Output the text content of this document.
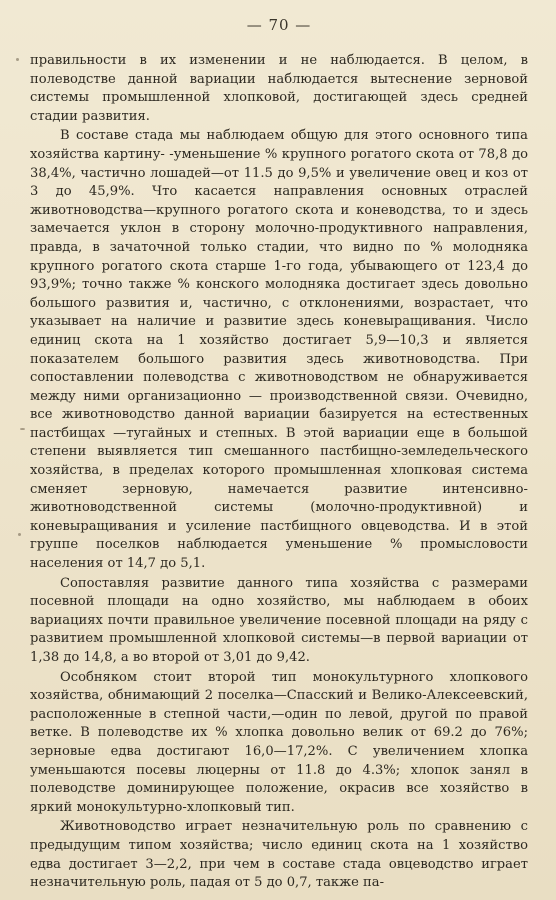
— 70 —

правильности в их изменении и не наблюдается. В целом, в полеводстве данной вариации наблюдается вытеснение зерновой системы промышленной хлопковой, достигающей здесь средней стадии развития.

В составе стада мы наблюдаем общую для этого основного типа хозяйства картину- -уменьшение % крупного рогатого скота от 78,8 до 38,4%, частично лошадей—от 11.5 до 9,5% и увеличение овец и коз от 3 до 45,9%. Что касается направления основных отраслей животноводства—крупного рогатого скота и коневодства, то и здесь замечается уклон в сторону молочно-продуктивного направления, правда, в зачаточной только стадии, что видно по % молодняка крупного рогатого скота старше 1-го года, убывающего от 123,4 до 93,9%; точно также % конского молодняка достигает здесь довольно большого развития и, частично, с отклонениями, возрастает, что указывает на наличие и развитие здесь коневыращивания. Число единиц скота на 1 хозяйство достигает 5,9—10,3 и является показателем большого развития здесь животноводства. При сопоставлении полеводства с животноводством не обнаруживается между ними организационно — производственной связи. Очевидно, все животноводство данной вариации базируется на естественных пастбищах —тугайных и степных. В этой вариации еще в большой степени выявляется тип смешанного пастбищно-земледельческого хозяйства, в пределах которого промышленная хлопковая система сменяет зерновую, намечается развитие интенсивно-животноводственной системы (молочно-продуктивной) и коневыращивания и усиление пастбищного овцеводства. И в этой группе поселков наблюдается уменьшение % промысловости населения от 14,7 до 5,1.

Сопоставляя развитие данного типа хозяйства с размерами посевной площади на одно хозяйство, мы наблюдаем в обоих вариациях почти правильное увеличение посевной площади на ряду с развитием промышленной хлопковой системы—в первой вариации от 1,38 до 14,8, а во второй от 3,01 до 9,42.

Особняком стоит второй тип монокультурного хлопкового хозяйства, обнимающий 2 поселка—Спасский и Велико-Алексеевский, расположенные в степной части,—один по левой, другой по правой ветке. В полеводстве их % хлопка довольно велик от 69.2 до 76%; зерновые едва достигают 16,0—17,2%. С увеличением хлопка уменьшаются посевы люцерны от 11.8 до 4.3%; хлопок занял в полеводстве доминирующее положение, окрасив все хозяйство в яркий монокультурно-хлопковый тип.

Животноводство играет незначительную роль по сравнению с предыдущим типом хозяйства; число единиц скота на 1 хозяйство едва достигает 3—2,2, при чем в составе стада овцеводство играет незначительную роль, падая от 5 до 0,7, также па-
